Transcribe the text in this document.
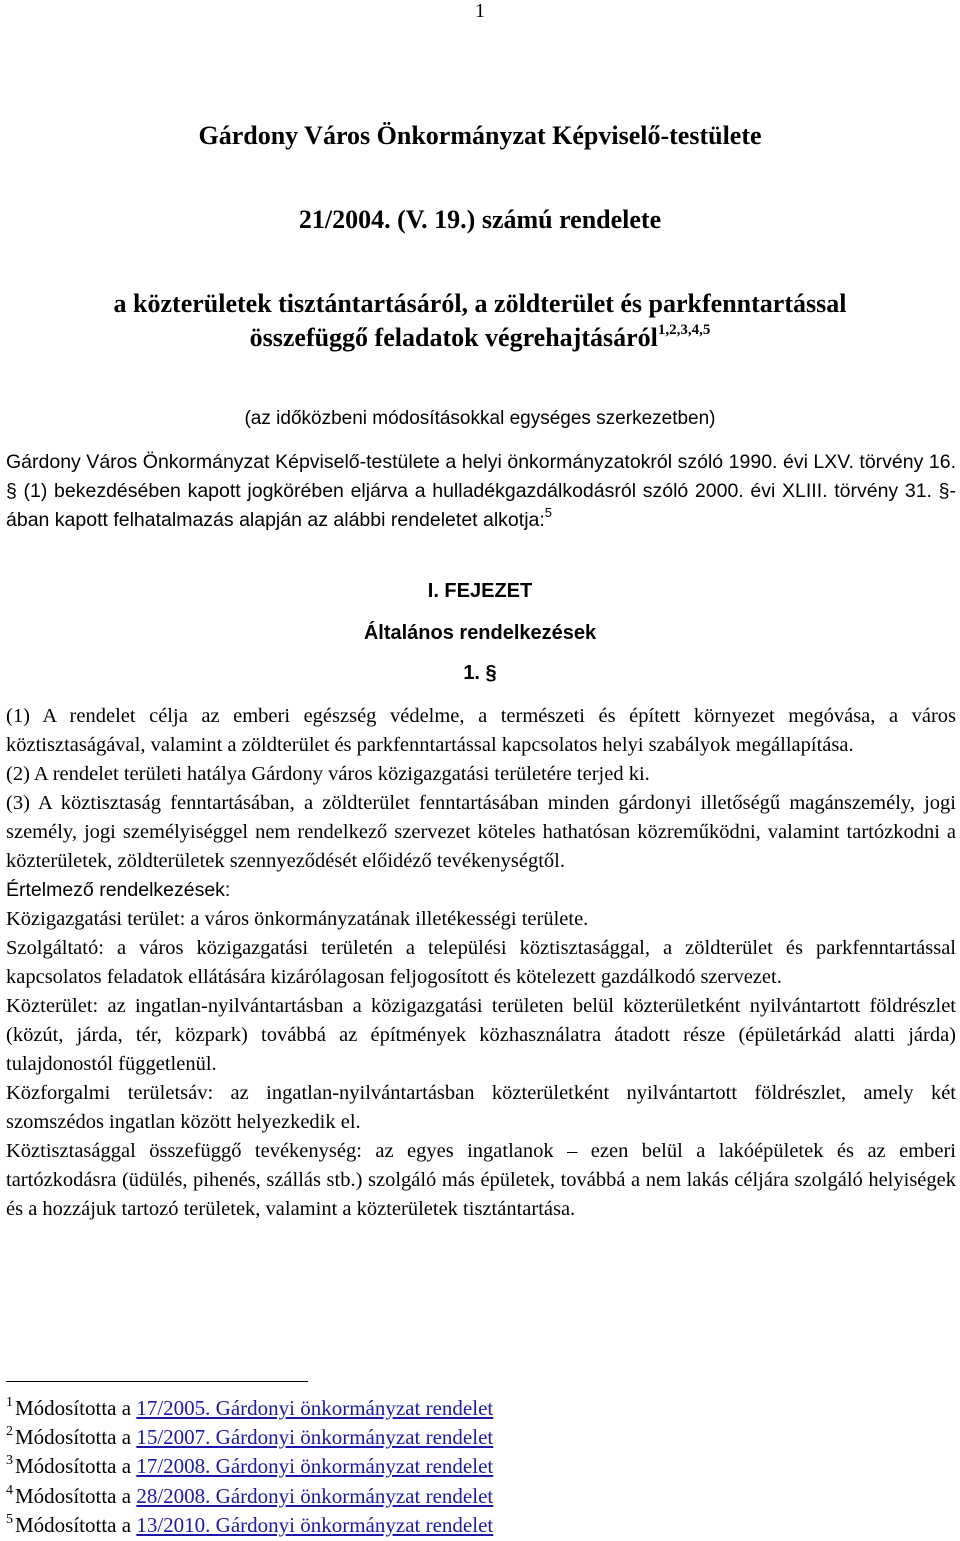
1
Gárdony Város Önkormányzat Képviselő-testülete
21/2004. (V. 19.) számú rendelete
a közterületek tisztántartásáról, a zöldterület és parkfenntartással
összefüggő feladatok végrehajtásáról$^{1,2,3,4,5}$
(az időközbeni módosításokkal egységes szerkezetben)
Gárdony Város Önkormányzat Képviselő-testülete a helyi önkormányzatokról szóló 1990. évi LXV. törvény 16. § (1) bekezdésében kapott jogkörében eljárva a hulladékgazdálkodásról szóló 2000. évi XLIII. törvény 31. §-ában kapott felhatalmazás alapján az alábbi rendeletet alkotja:$^5$
I. FEJEZET
Általános rendelkezések
1. §

(1) A rendelet célja az emberi egészség védelme, a természeti és épített környezet megóvása, a város köztisztaságával, valamint a zöldterület és parkfenntartással kapcsolatos helyi szabályok megállapítása.

(2) A rendelet területi hatálya Gárdony város közigazgatási területére terjed ki.

(3) A köztisztaság fenntartásában, a zöldterület fenntartásában minden gárdonyi illetőségű magánszemély, jogi személy, jogi személyiséggel nem rendelkező szervezet köteles hathatósan közreműködni, valamint tartózkodni a közterületek, zöldterületek szennyeződését előidéző tevékenységtől.

Értelmező rendelkezések:

Közigazgatási terület: a város önkormányzatának illetékességi területe.

Szolgáltató: a város közigazgatási területén a települési köztisztasággal, a zöldterület és parkfenntartással kapcsolatos feladatok ellátására kizárólagosan feljogosított és kötelezett gazdálkodó szervezet.

Közterület: az ingatlan-nyilvántartásban a közigazgatási területen belül közterületként nyilvántartott földrészlet (közút, járda, tér, közpark) továbbá az építmények közhasználatra átadott része (épületárkád alatti járda) tulajdonostól függetlenül.

Közforgalmi területsáv: az ingatlan-nyilvántartásban közterületként nyilvántartott földrészlet, amely két szomszédos ingatlan között helyezkedik el.

Köztisztasággal összefüggő tevékenység: az egyes ingatlanok – ezen belül a lakóépületek és az emberi tartózkodásra (üdülés, pihenés, szállás stb.) szolgáló más épületek, továbbá a nem lakás céljára szolgáló helyiségek és a hozzájuk tartozó területek, valamint a közterületek tisztántartása.

$^1$Módosította a 17/2005. Gárdonyi önkormányzat rendelet
$^2$Módosította a 15/2007. Gárdonyi önkormányzat rendelet
$^3$Módosította a 17/2008. Gárdonyi önkormányzat rendelet
$^4$Módosította a 28/2008. Gárdonyi önkormányzat rendelet
$^5$Módosította a 13/2010. Gárdonyi önkormányzat rendelet
